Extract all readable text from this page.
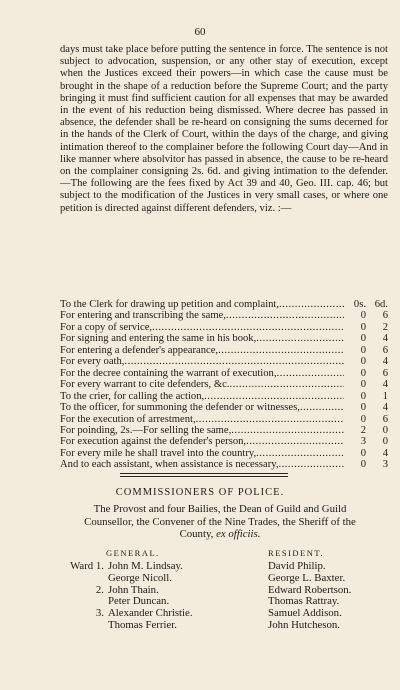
60

days must take place before putting the sentence in force. The sentence is not subject to advocation, suspension, or any other stay of execution, except when the Justices exceed their powers—in which case the cause must be brought in the shape of a reduction before the Supreme Court; and the party bringing it must find sufficient caution for all expenses that may be awarded in the event of his reduction being dismissed. Where decree has passed in absence, the defender shall be re-heard on consigning the sums decerned for in the hands of the Clerk of Court, within the days of the charge, and giving intimation thereof to the complainer before the following Court day—And in like manner where absolvitor has passed in absence, the cause to be re-heard on the complainer consigning 2s. 6d. and giving intimation to the defender.—The following are the fees fixed by Act 39 and 40, Geo. III. cap. 46; but subject to the modification of the Justices in very small cases, or where one petition is directed against different defenders, viz. :—

To the Clerk for drawing up petition and complaint, .....	0s. 6d.
For entering and transcribing the same, .....	0	6
For a copy of service, .....	0	2
For signing and entering the same in his book, .....	0	4
For entering a defender's appearance, .....	0	6
For every oath, .....	0	4
For the decree containing the warrant of execution, .....	0	6
For every warrant to cite defenders, &c. .....	0	4
To the crier, for calling the action, .....	0	1
To the officer, for summoning the defender or witnesses, .....	0	4
For the execution of arrestment, .....	0	6
For poinding, 2s.—For selling the same, .....	2	0
For execution against the defender's person, .....	3	0
For every mile he shall travel into the country, .....	0	4
And to each assistant, when assistance is necessary, .....	0	3
COMMISSIONERS OF POLICE.

The Provost and four Bailies, the Dean of Guild and Guild Counsellor, the Convener of the Nine Trades, the Sheriff of the County, ex officiis.

GENERAL.	RESIDENT.
Ward 1. John M. Lindsay.	David Philip.
George Nicoll.	George L. Baxter.
2. John Thain.	Edward Robertson.
Peter Duncan.	Thomas Rattray.
3. Alexander Christie.	Samuel Addison.
Thomas Ferrier.	John Hutcheson.
